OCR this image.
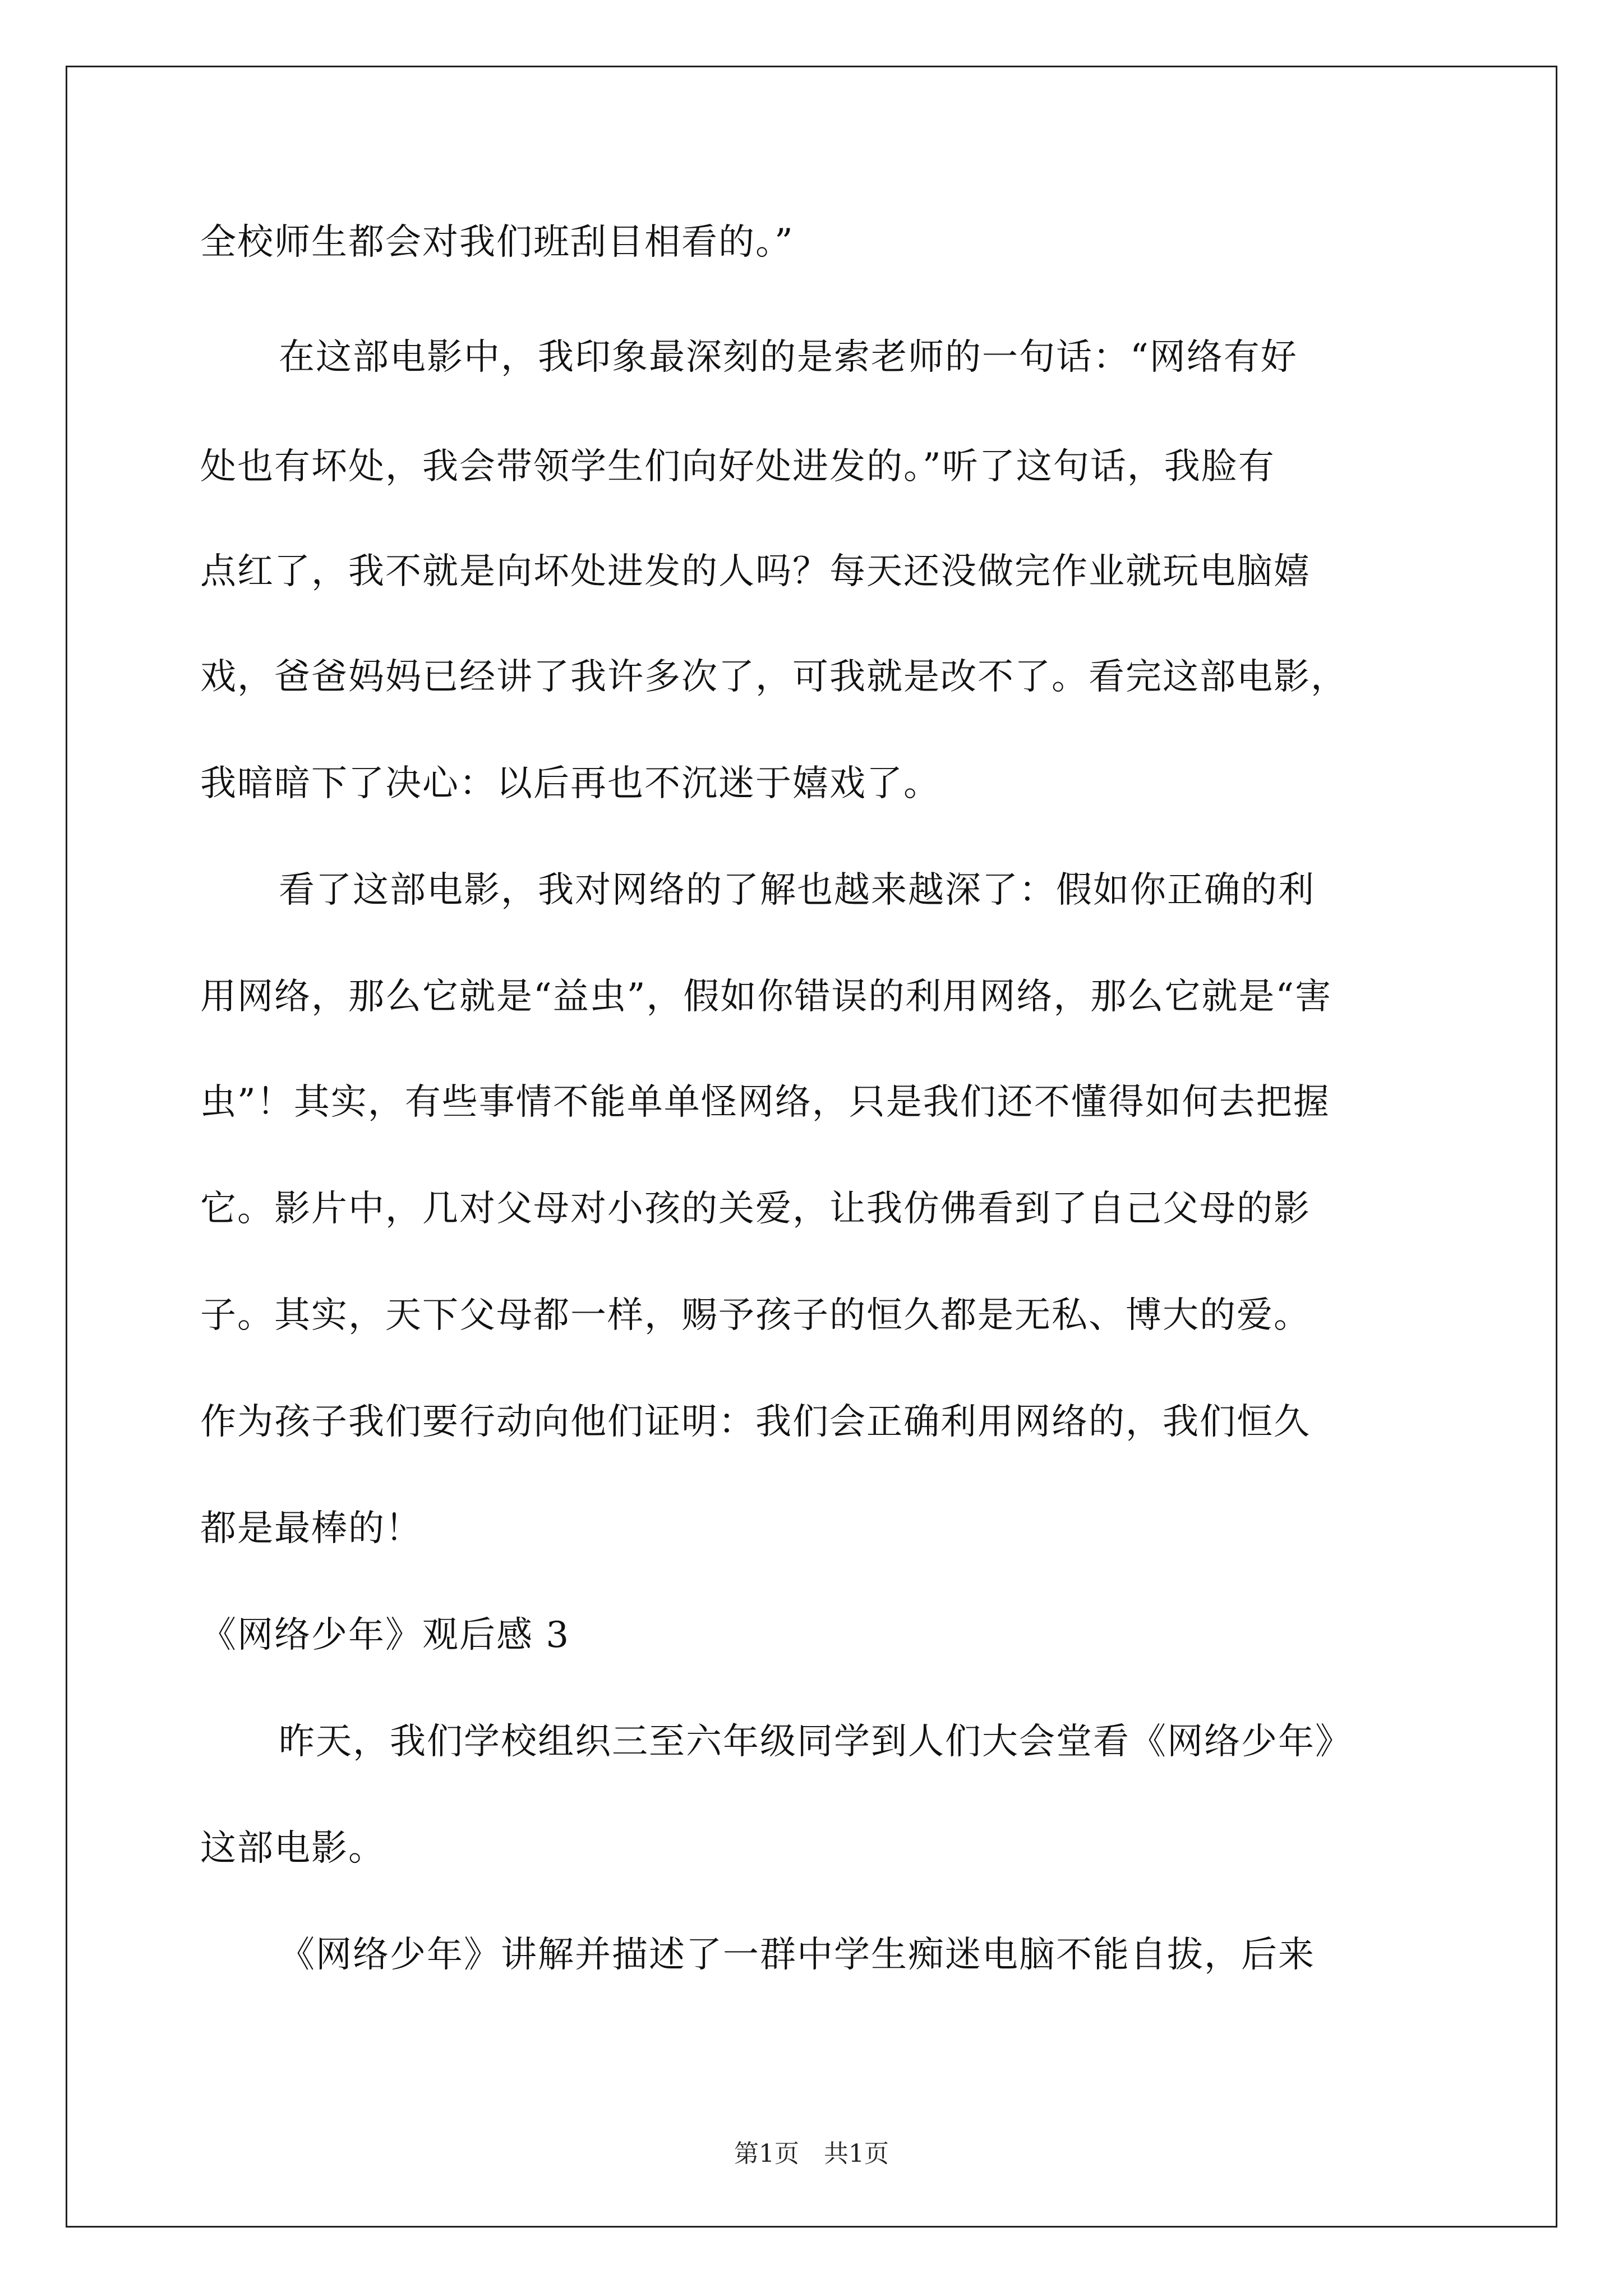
全校师生都会对我们班刮目相看的。”
在这部电影中，我印象最深刻的是索老师的一句话：“网络有好
处也有坏处，我会带领学生们向好处进发的。”听了这句话，我脸有
点红了，我不就是向坏处进发的人吗？每天还没做完作业就玩电脑嬉
戏，爸爸妈妈已经讲了我许多次了，可我就是改不了。看完这部电影，
我暗暗下了决心：以后再也不沉迷于嬉戏了。
看了这部电影，我对网络的了解也越来越深了：假如你正确的利
用网络，那么它就是“益虫”，假如你错误的利用网络，那么它就是“害
虫”！其实，有些事情不能单单怪网络，只是我们还不懂得如何去把握
它。影片中，几对父母对小孩的关爱，让我仿佛看到了自己父母的影
子。其实，天下父母都一样，赐予孩子的恒久都是无私、博大的爱。
作为孩子我们要行动向他们证明：我们会正确利用网络的，我们恒久
都是最棒的！
《网络少年》观后感 3
昨天，我们学校组织三至六年级同学到人们大会堂看《网络少年》
这部电影。
《网络少年》讲解并描述了一群中学生痴迷电脑不能自拔，后来
第1页　共1页
